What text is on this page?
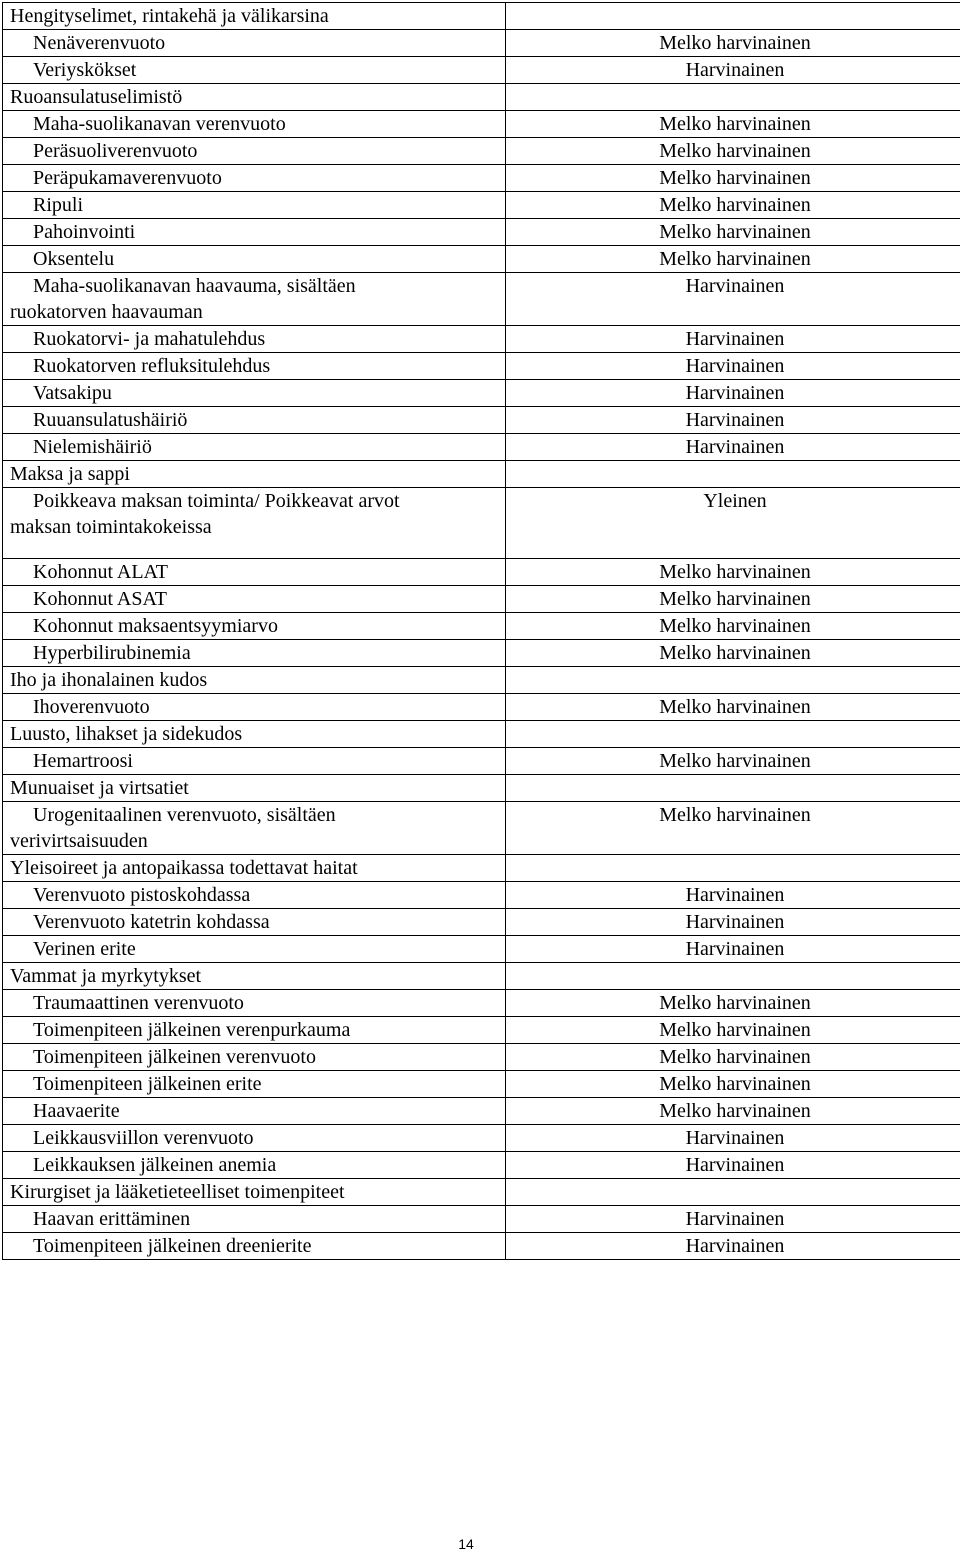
Hengityselimet, rintakehä ja välikarsina	

Nenäverenvuoto	Melko harvinainen

Veriyskökset	Harvinainen

Ruoansulatuselimistö	

Maha-suolikanavan verenvuoto	Melko harvinainen

Peräsuoliverenvuoto	Melko harvinainen

Peräpukamaverenvuoto	Melko harvinainen

Ripuli	Melko harvinainen

Pahoinvointi	Melko harvinainen

Oksentelu	Melko harvinainen

Maha-suolikanavan haavauma, sisältäen
ruokatorven haavauman	Harvinainen

Ruokatorvi- ja mahatulehdus	Harvinainen

Ruokatorven refluksitulehdus	Harvinainen

Vatsakipu	Harvinainen

Ruuansulatushäiriö	Harvinainen

Nielemishäiriö	Harvinainen

Maksa ja sappi	

Poikkeava maksan toiminta/ Poikkeavat arvot
maksan toimintakokeissa	Yleinen

Kohonnut ALAT	Melko harvinainen

Kohonnut ASAT	Melko harvinainen

Kohonnut maksaentsyymiarvo	Melko harvinainen

Hyperbilirubinemia	Melko harvinainen

Iho ja ihonalainen kudos	

Ihoverenvuoto	Melko harvinainen

Luusto, lihakset ja sidekudos	

Hemartroosi	Melko harvinainen

Munuaiset ja virtsatiet	

Urogenitaalinen verenvuoto, sisältäen
verivirtsaisuuden	Melko harvinainen

Yleisoireet ja antopaikassa todettavat haitat	

Verenvuoto pistoskohdassa	Harvinainen

Verenvuoto katetrin kohdassa	Harvinainen

Verinen erite	Harvinainen

Vammat ja myrkytykset	

Traumaattinen verenvuoto	Melko harvinainen

Toimenpiteen jälkeinen verenpurkauma	Melko harvinainen

Toimenpiteen jälkeinen verenvuoto	Melko harvinainen

Toimenpiteen jälkeinen erite	Melko harvinainen

Haavaerite	Melko harvinainen

Leikkausviillon verenvuoto	Harvinainen

Leikkauksen jälkeinen anemia	Harvinainen

Kirurgiset ja lääketieteelliset toimenpiteet	

Haavan erittäminen	Harvinainen

Toimenpiteen jälkeinen dreenierite	Harvinainen
14
